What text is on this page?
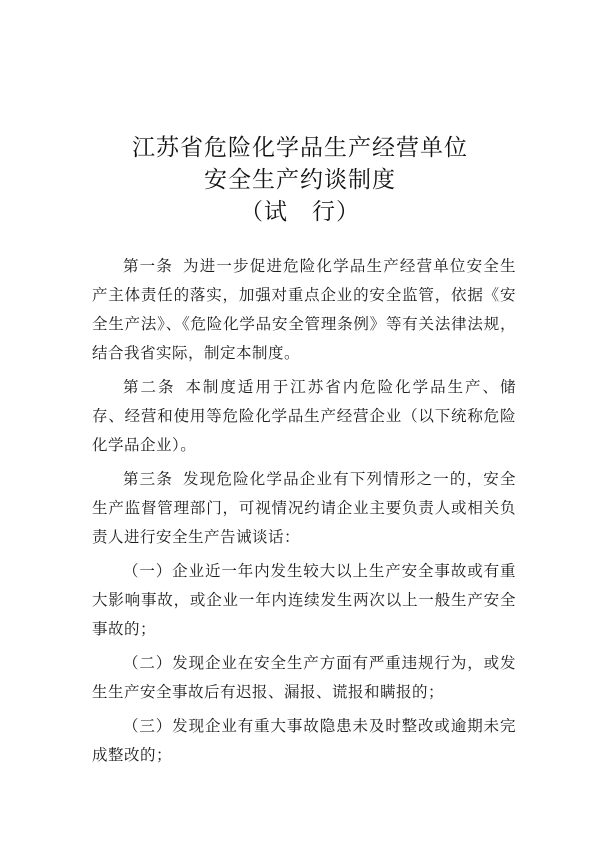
江苏省危险化学品生产经营单位
安全生产约谈制度
（试　行）

第一条 为进一步促进危险化学品生产经营单位安全生产主体责任的落实，加强对重点企业的安全监管，依据《安全生产法》、《危险化学品安全管理条例》等有关法律法规，结合我省实际，制定本制度。

第二条 本制度适用于江苏省内危险化学品生产、储存、经营和使用等危险化学品生产经营企业（以下统称危险化学品企业）。

第三条 发现危险化学品企业有下列情形之一的，安全生产监督管理部门，可视情况约请企业主要负责人或相关负责人进行安全生产告诫谈话：

（一）企业近一年内发生较大以上生产安全事故或有重大影响事故，或企业一年内连续发生两次以上一般生产安全事故的；

（二）发现企业在安全生产方面有严重违规行为，或发生生产安全事故后有迟报、漏报、谎报和瞒报的；

（三）发现企业有重大事故隐患未及时整改或逾期未完成整改的；
